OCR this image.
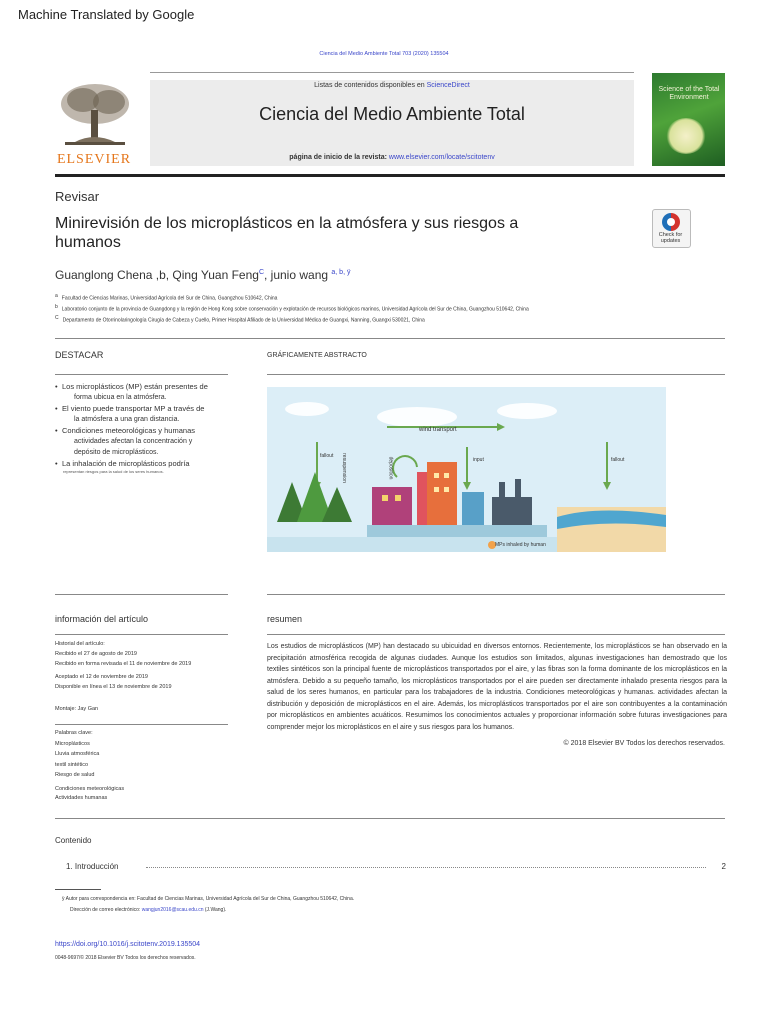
Machine Translated by Google
Ciencia del Medio Ambiente Total 703 (2020) 135504
ELSEVIER
Listas de contenidos disponibles en ScienceDirect
Ciencia del Medio Ambiente Total
página de inicio de la revista: www.elsevier.com/locate/scitotenv
Science of the Total Environment
Revisar
Minirevisión de los microplásticos en la atmósfera y sus riesgos a humanos	Check for updates
Guanglong Chena ,b, Qing Yuan Feng$^C$, junio wang $^{a, b, ÿ}$
$^a$ Facultad de Ciencias Marinas, Universidad Agrícola del Sur de China, Guangzhou 510642, China
$^b$ Laboratorio conjunto de la provincia de Guangdong y la región de Hong Kong sobre conservación y explotación de recursos biológicos marinos, Universidad Agrícola del Sur de China, Guangzhou 510642, China
$^C$ Departamento de Otorrinolaringología Cirugía de Cabeza y Cuello, Primer Hospital Afiliado de la Universidad Médica de Guangxi, Nanning, Guangxi 530021, China
DESTACAR
• Los microplásticos (MP) están presentes de
forma ubicua en la atmósfera.
• El viento puede transportar MP a través de
la atmósfera a una gran distancia.
• Condiciones meteorológicas y humanas
actividades afectan la concentración y
depósito de microplásticos.
• La inhalación de microplásticos podría
representan riesgos para la salud de los seres humanos.
GRÁFICAMENTE ABSTRACTO
wind transport
fallout
fallout
input
resuspension	deposition
MPs inhaled by human
información del artículo
Historial del artículo:
Recibido el 27 de agosto de 2019
Recibido en forma revisada el 11 de noviembre de 2019
Aceptado el 12 de noviembre de 2019
Disponible en línea el 13 de noviembre de 2019
Montaje: Jay Gan
Palabras clave:
Microplásticos
Lluvia atmosférica
textil sintético
Riesgo de salud
Condiciones meteorológicas
Actividades humanas
resumen
Los estudios de microplásticos (MP) han destacado su ubicuidad en diversos entornos. Recientemente, los microplásticos se han observado en la precipitación atmosférica recogida de algunas ciudades. Aunque los estudios son limitados, algunas investigaciones han demostrado que los textiles sintéticos son la principal fuente de microplásticos transportados por el aire, y las fibras son la forma dominante de los microplásticos en la atmósfera. Debido a su pequeño tamaño, los microplásticos transportados por el aire pueden ser directamente inhalado presenta riesgos para la salud de los seres humanos, en particular para los trabajadores de la industria. Condiciones meteorológicas y humanas. actividades afectan la distribución y deposición de microplásticos en el aire. Además, los microplásticos transportados por el aire son contribuyentes a la contaminación por microplásticos en ambientes acuáticos. Resumimos los conocimientos actuales y proporcionar información sobre futuras investigaciones para comprender mejor los microplásticos en el aire y sus riesgos para los humanos.
© 2018 Elsevier BV Todos los derechos reservados.
Contenido
1. Introducción	2
ÿ Autor para correspondencia en: Facultad de Ciencias Marinas, Universidad Agrícola del Sur de China, Guangzhou 510642, China.
Dirección de correo electrónico: wangjun2016@scau.edu.cn (J.Wang).
https://doi.org/10.1016/j.scitotenv.2019.135504
0048-9697/© 2018 Elsevier BV Todos los derechos reservados.
